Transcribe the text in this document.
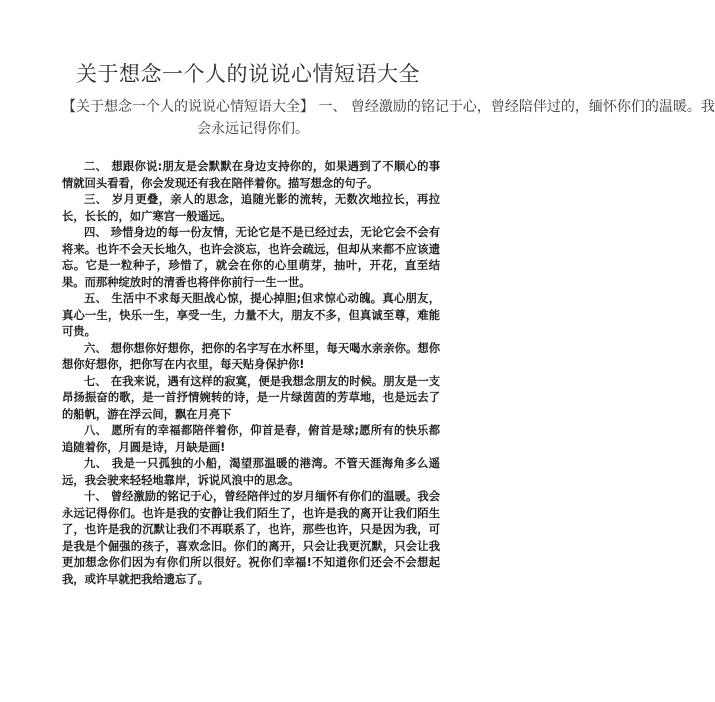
关于想念一个人的说说心情短语大全
【关于想念一个人的说说心情短语大全】 一、 曾经激励的铭记于心，曾经陪伴过的，缅怀你们的温暖。我
会永远记得你们。

二、 想跟你说:朋友是会默默在身边支持你的，如果遇到了不顺心的事情就回头看看，你会发现还有我在陪伴着你。描写想念的句子。

三、 岁月更叠，亲人的思念，追随光影的流转，无数次地拉长，再拉长，长长的，如广寒宫一般遥远。

四、 珍惜身边的每一份友情，无论它是不是已经过去，无论它会不会有将来。也许不会天长地久，也许会淡忘，也许会疏远，但却从来都不应该遗忘。它是一粒种子，珍惜了，就会在你的心里萌芽，抽叶，开花，直至结果。而那种绽放时的清香也将伴你前行一生一世。

五、 生活中不求每天胆战心惊，提心掉胆;但求惊心动魄。真心朋友，真心一生，快乐一生，享受一生，力量不大，朋友不多，但真诚至尊，难能可贵。

六、 想你想你好想你，把你的名字写在水杯里，每天喝水亲亲你。想你想你好想你，把你写在内衣里，每天贴身保护你!

七、 在我来说，遇有这样的寂寞，便是我想念朋友的时候。朋友是一支昂扬振奋的歌，是一首抒情婉转的诗，是一片绿茵茵的芳草地，也是远去了的船帆，游在浮云间，飘在月亮下

八、 愿所有的幸福都陪伴着你，仰首是春，俯首是球;愿所有的快乐都追随着你，月圆是诗，月缺是画!

九、 我是一只孤独的小船，渴望那温暖的港湾。不管天涯海角多么遥远，我会驶来轻轻地靠岸，诉说风浪中的思念。

十、 曾经激励的铭记于心，曾经陪伴过的岁月缅怀有你们的温暖。我会永远记得你们。也许是我的安静让我们陌生了，也许是我的离开让我们陌生了，也许是我的沉默让我们不再联系了，也许，那些也许，只是因为我，可是我是个倔强的孩子，喜欢念旧。你们的离开，只会让我更沉默，只会让我更加想念你们因为有你们所以很好。祝你们幸福!不知道你们还会不会想起我，或许早就把我给遗忘了。
